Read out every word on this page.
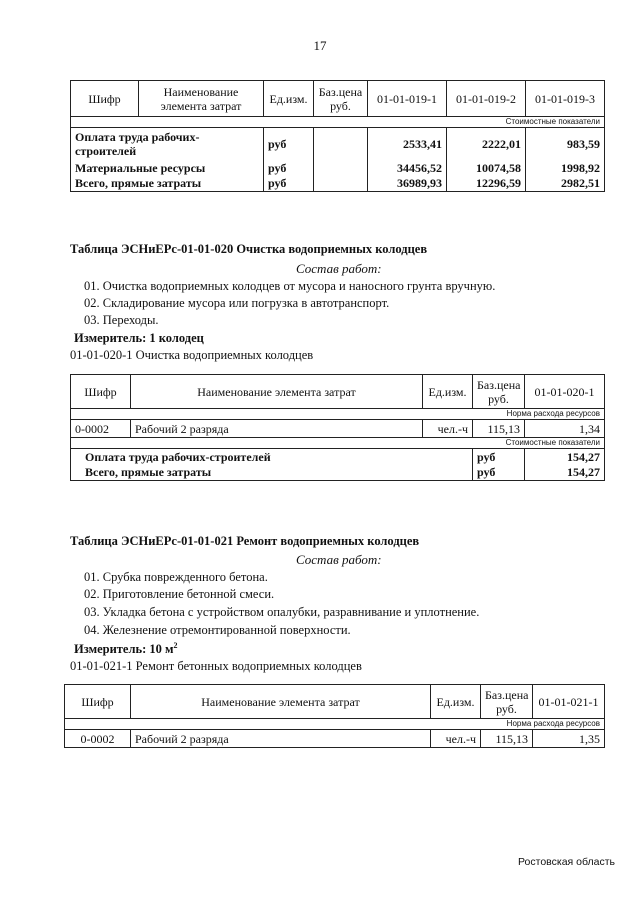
17
Шифр	Наименование элемента затрат	Ед.изм.	Баз.цена руб.	01-01-019-1	01-01-019-2	01-01-019-3
Стоимостные показатели						
Оплата труда рабочих-строителей		руб		2533,41	2222,01	983,59
Материальные ресурсы		руб		34456,52	10074,58	1998,92
Всего, прямые затраты		руб		36989,93	12296,59	2982,51
Таблица ЭСНиЕРс-01-01-020 Очистка водоприемных колодцев
Состав работ:
01. Очистка водоприемных колодцев от мусора и наносного грунта вручную.
02. Складирование мусора или погрузка в автотранспорт.
03. Переходы.
Измеритель: 1 колодец
01-01-020-1 Очистка водоприемных колодцев
Шифр	Наименование элемента затрат	Ед.изм.	Баз.цена руб.	01-01-020-1
Норма расхода ресурсов				
0-0002	Рабочий 2 разряда	чел.-ч	115,13	1,34
Стоимостные показатели				
Оплата труда рабочих-строителей			руб	154,27
Всего, прямые затраты			руб	154,27
Таблица ЭСНиЕРс-01-01-021 Ремонт водоприемных колодцев
Состав работ:
01. Срубка поврежденного бетона.
02. Приготовление бетонной смеси.
03. Укладка бетона с устройством опалубки, разравнивание и уплотнение.
04. Железнение отремонтированной поверхности.
Измеритель: 10 $м^2$
01-01-021-1 Ремонт бетонных водоприемных колодцев
Шифр	Наименование элемента затрат	Ед.изм.	Баз.цена руб.	01-01-021-1
Норма расхода ресурсов				
0-0002	Рабочий 2 разряда	чел.-ч	115,13	1,35
Ростовская область
